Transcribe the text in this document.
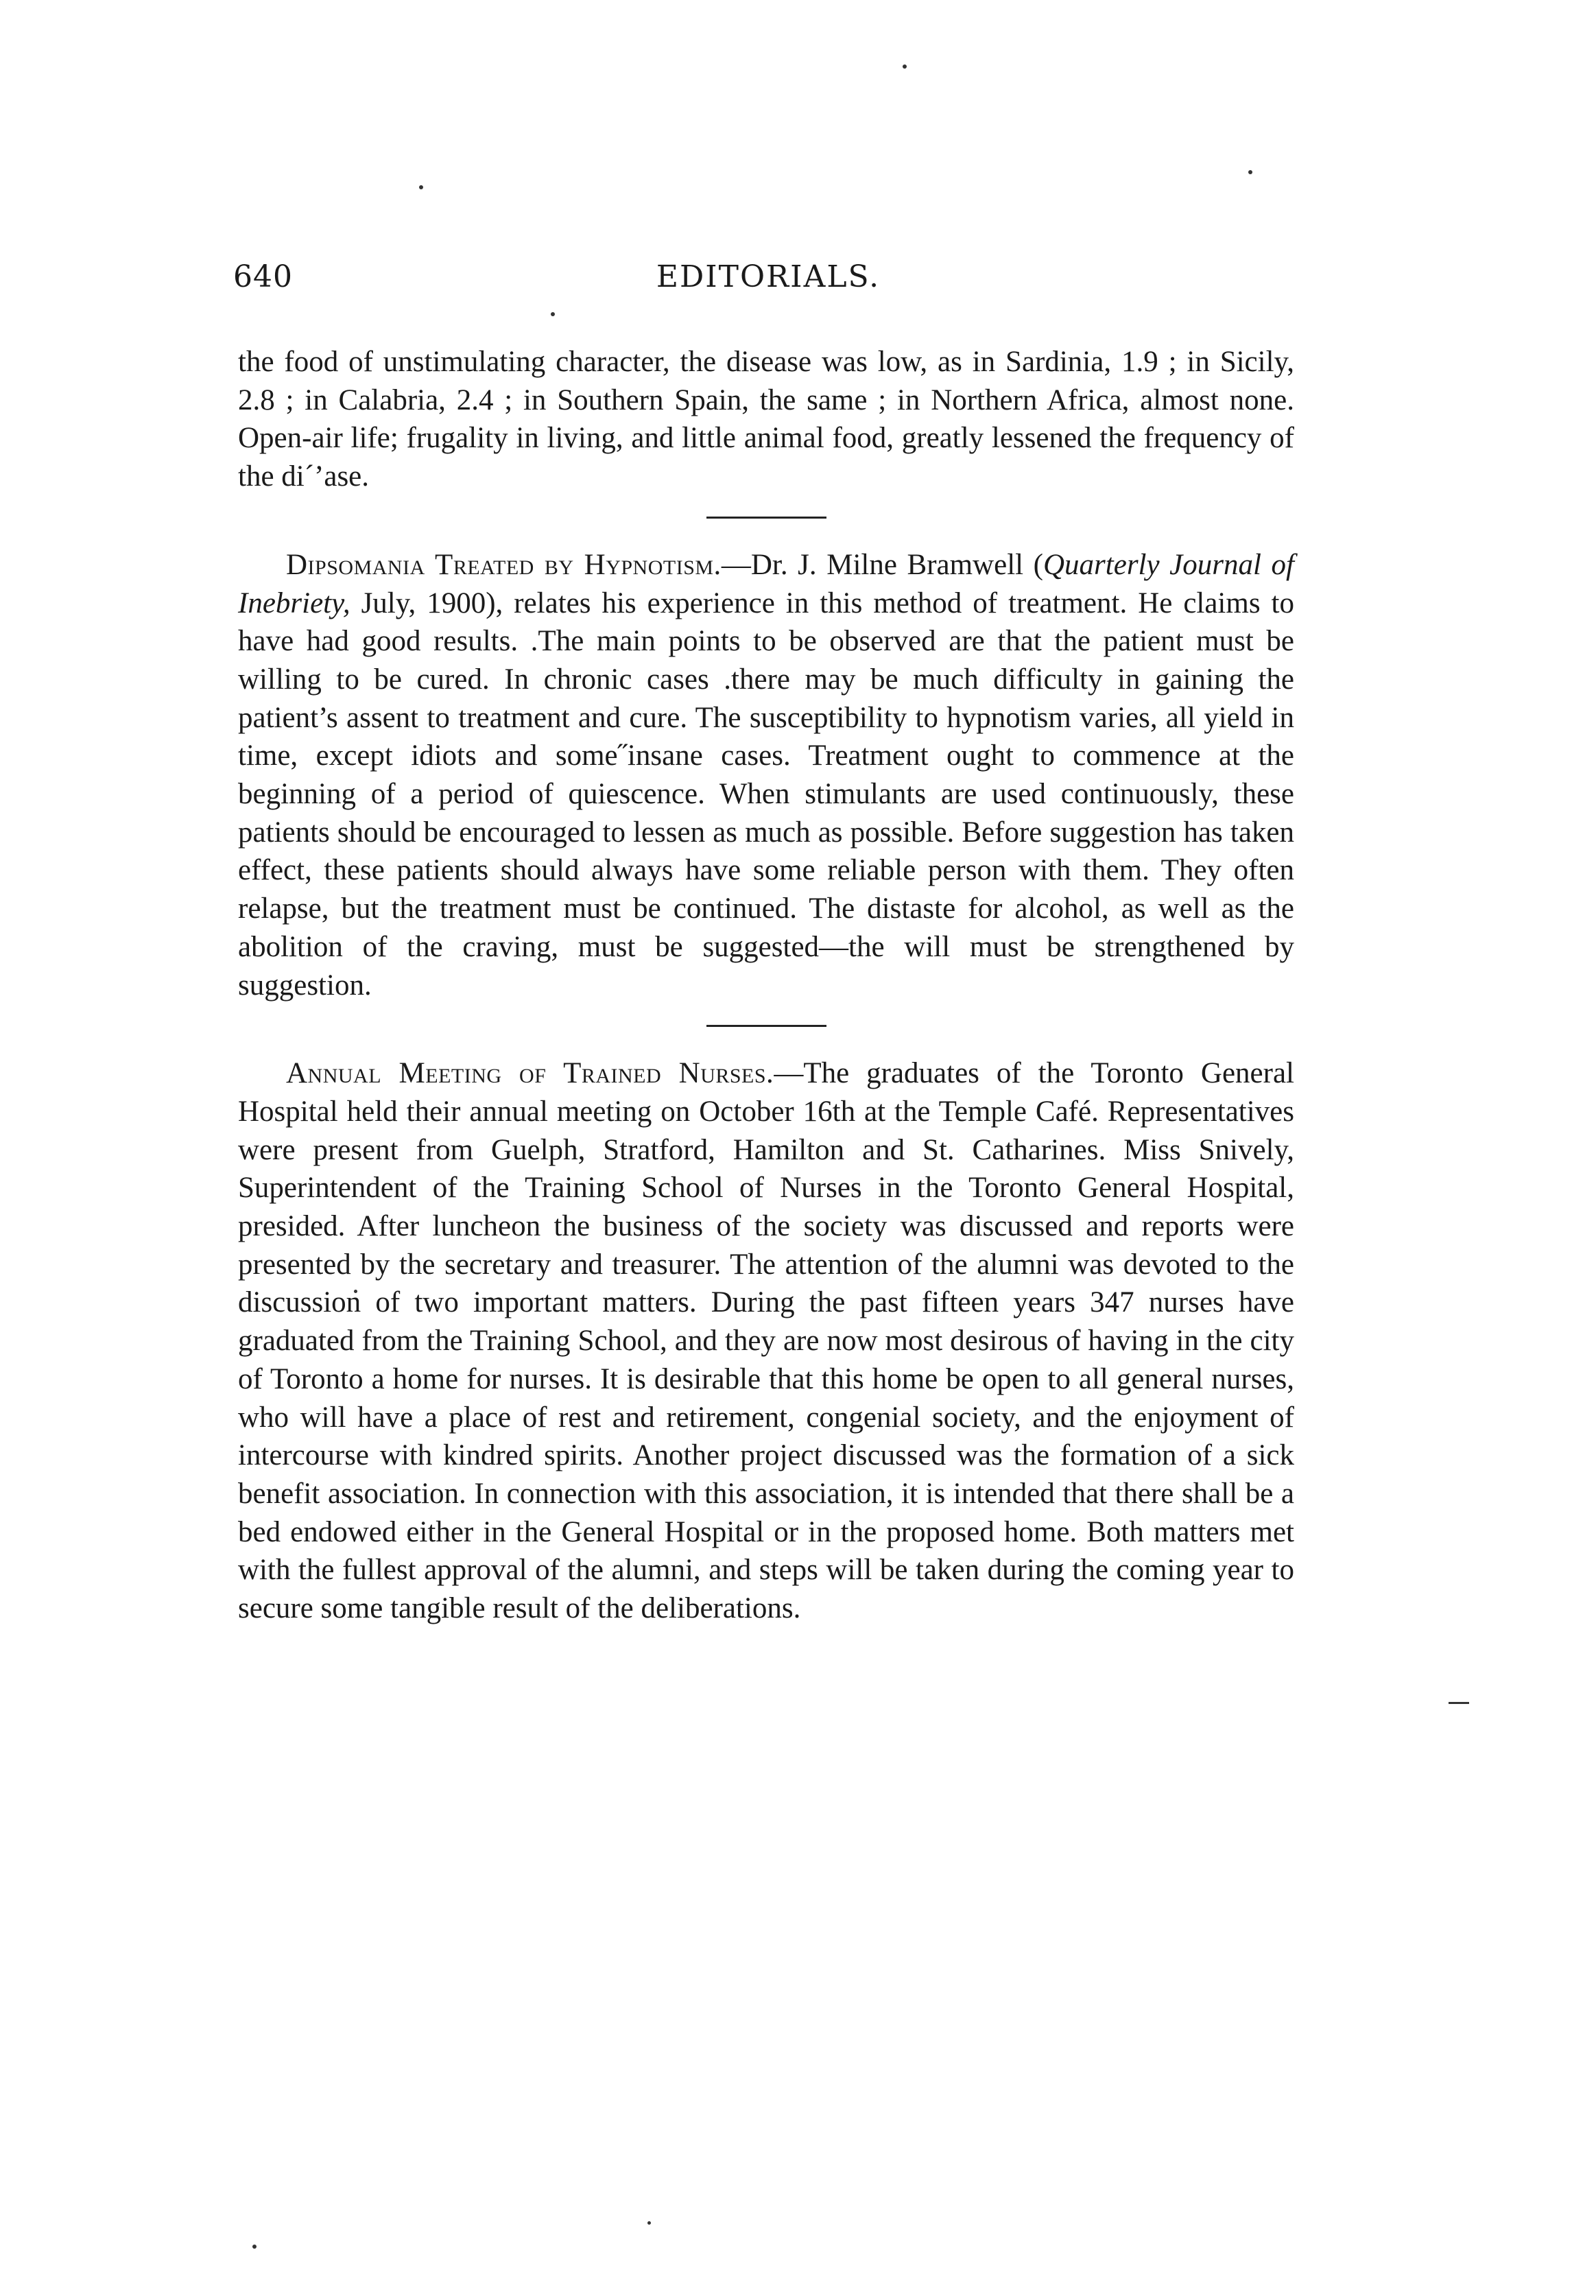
640	EDITORIALS.

the food of unstimulating character, the disease was low, as in Sardinia, 1.9 ; in Sicily, 2.8 ; in Calabria, 2.4 ; in Southern Spain, the same ; in Northern Africa, almost none. Open-air life; frugality in living, and little animal food, greatly lessened the frequency of the di´’ase.

Dipsomania Treated by Hypnotism.—Dr. J. Milne Bramwell (Quarterly Journal of Inebriety, July, 1900), relates his experience in this method of treatment. He claims to have had good results. .The main points to be observed are that the patient must be willing to be cured. In chronic cases .there may be much difficulty in gaining the patient’s assent to treatment and cure. The susceptibility to hypnotism varies, all yield in time, except idiots and some˝insane cases. Treatment ought to commence at the beginning of a period of quiescence. When stimulants are used continuously, these patients should be encouraged to lessen as much as possible. Before suggestion has taken effect, these patients should always have some reliable person with them. They often relapse, but the treatment must be continued. The distaste for alcohol, as well as the abolition of the craving, must be suggested—the will must be strengthened by suggestion.

Annual Meeting of Trained Nurses.—The graduates of the Toronto General Hospital held their annual meeting on October 16th at the Temple Café. Representatives were present from Guelph, Stratford, Hamilton and St. Catharines. Miss Snively, Superintendent of the Training School of Nurses in the Toronto General Hospital, presided. After luncheon the business of the society was discussed and reports were presented by the secretary and treasurer. The attention of the alumni was devoted to the discussion of two important matters. During the past fifteen years 347 nurses have graduated from the Training School, and they are now most desirous of having in the city of Toronto a home for nurses. It is desirable that this home be open to all general nurses, who will have a place of rest and retirement, congenial society, and the enjoyment of intercourse with kindred spirits. Another project discussed was the formation of a sick benefit association. In connection with this association, it is intended that there shall be a bed endowed either in the General Hospital or in the proposed home. Both matters met with the fullest approval of the alumni, and steps will be taken during the coming year to secure some tangible result of the deliberations.
